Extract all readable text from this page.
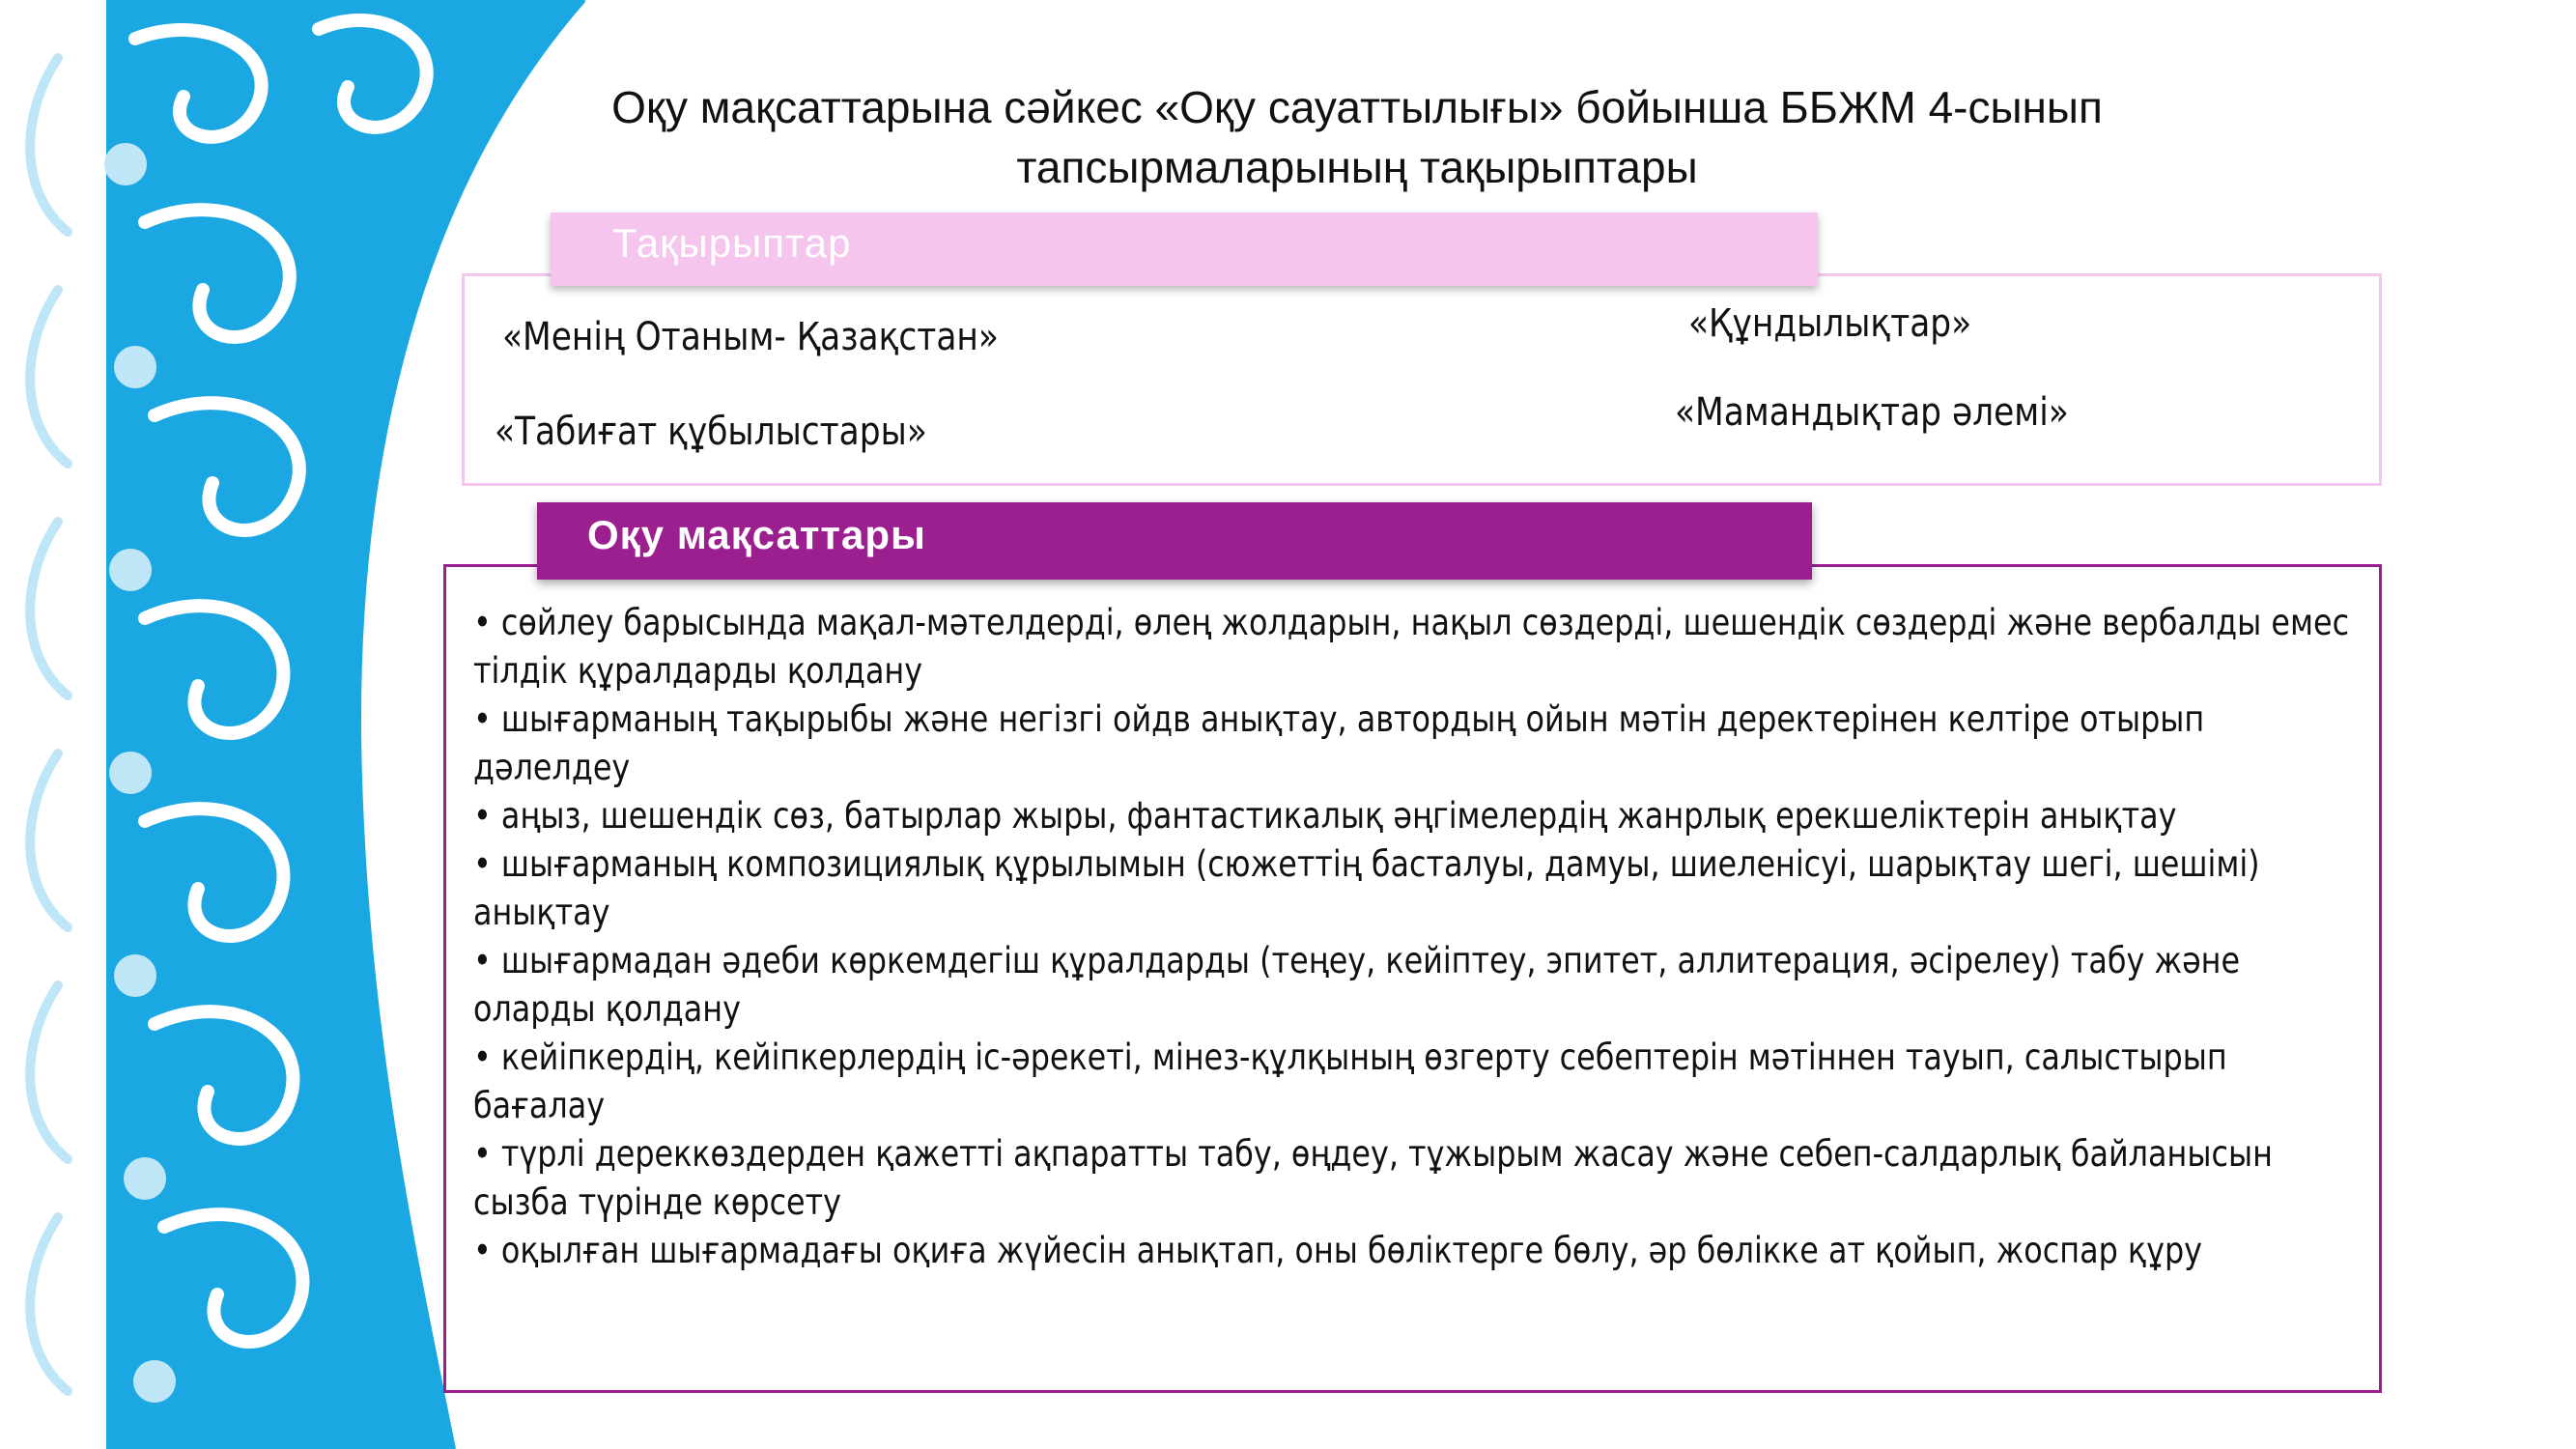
Оқу мақсаттарына сәйкес «Оқу сауаттылығы» бойынша ББЖМ 4-сынып
тапсырмаларының тақырыптары
Тақырыптар
«Менің Отаным- Қазақстан»
«Табиғат құбылыстары»
«Құндылықтар»
«Мамандықтар әлемі»
Оқу мақсаттары
• сөйлеу барысында мақал-мәтелдерді, өлең жолдарын, нақыл сөздерді, шешендік сөздерді және вербалды емес тілдік құралдарды қолдану
• шығарманың тақырыбы және негізгі ойдв анықтау, автордың ойын мәтін деректерінен келтіре отырып дәлелдеу
• аңыз, шешендік сөз, батырлар жыры, фантастикалық әңгімелердің жанрлық ерекшеліктерін анықтау
• шығарманың композициялық құрылымын (сюжеттің басталуы, дамуы, шиеленісуі, шарықтау шегі, шешімі) анықтау
• шығармадан әдеби көркемдегіш құралдарды (теңеу, кейіптеу, эпитет, аллитерация, әсірелеу) табу және оларды қолдану
• кейіпкердің, кейіпкерлердің іс-әрекеті, мінез-құлқының өзгерту себептерін мәтіннен тауып, салыстырып бағалау
• түрлі дереккөздерден қажетті ақпаратты табу, өңдеу, тұжырым жасау және себеп-салдарлық байланысын сызба түрінде көрсету
• оқылған шығармадағы оқиға жүйесін анықтап, оны бөліктерге бөлу, әр бөлікке ат қойып, жоспар құру
